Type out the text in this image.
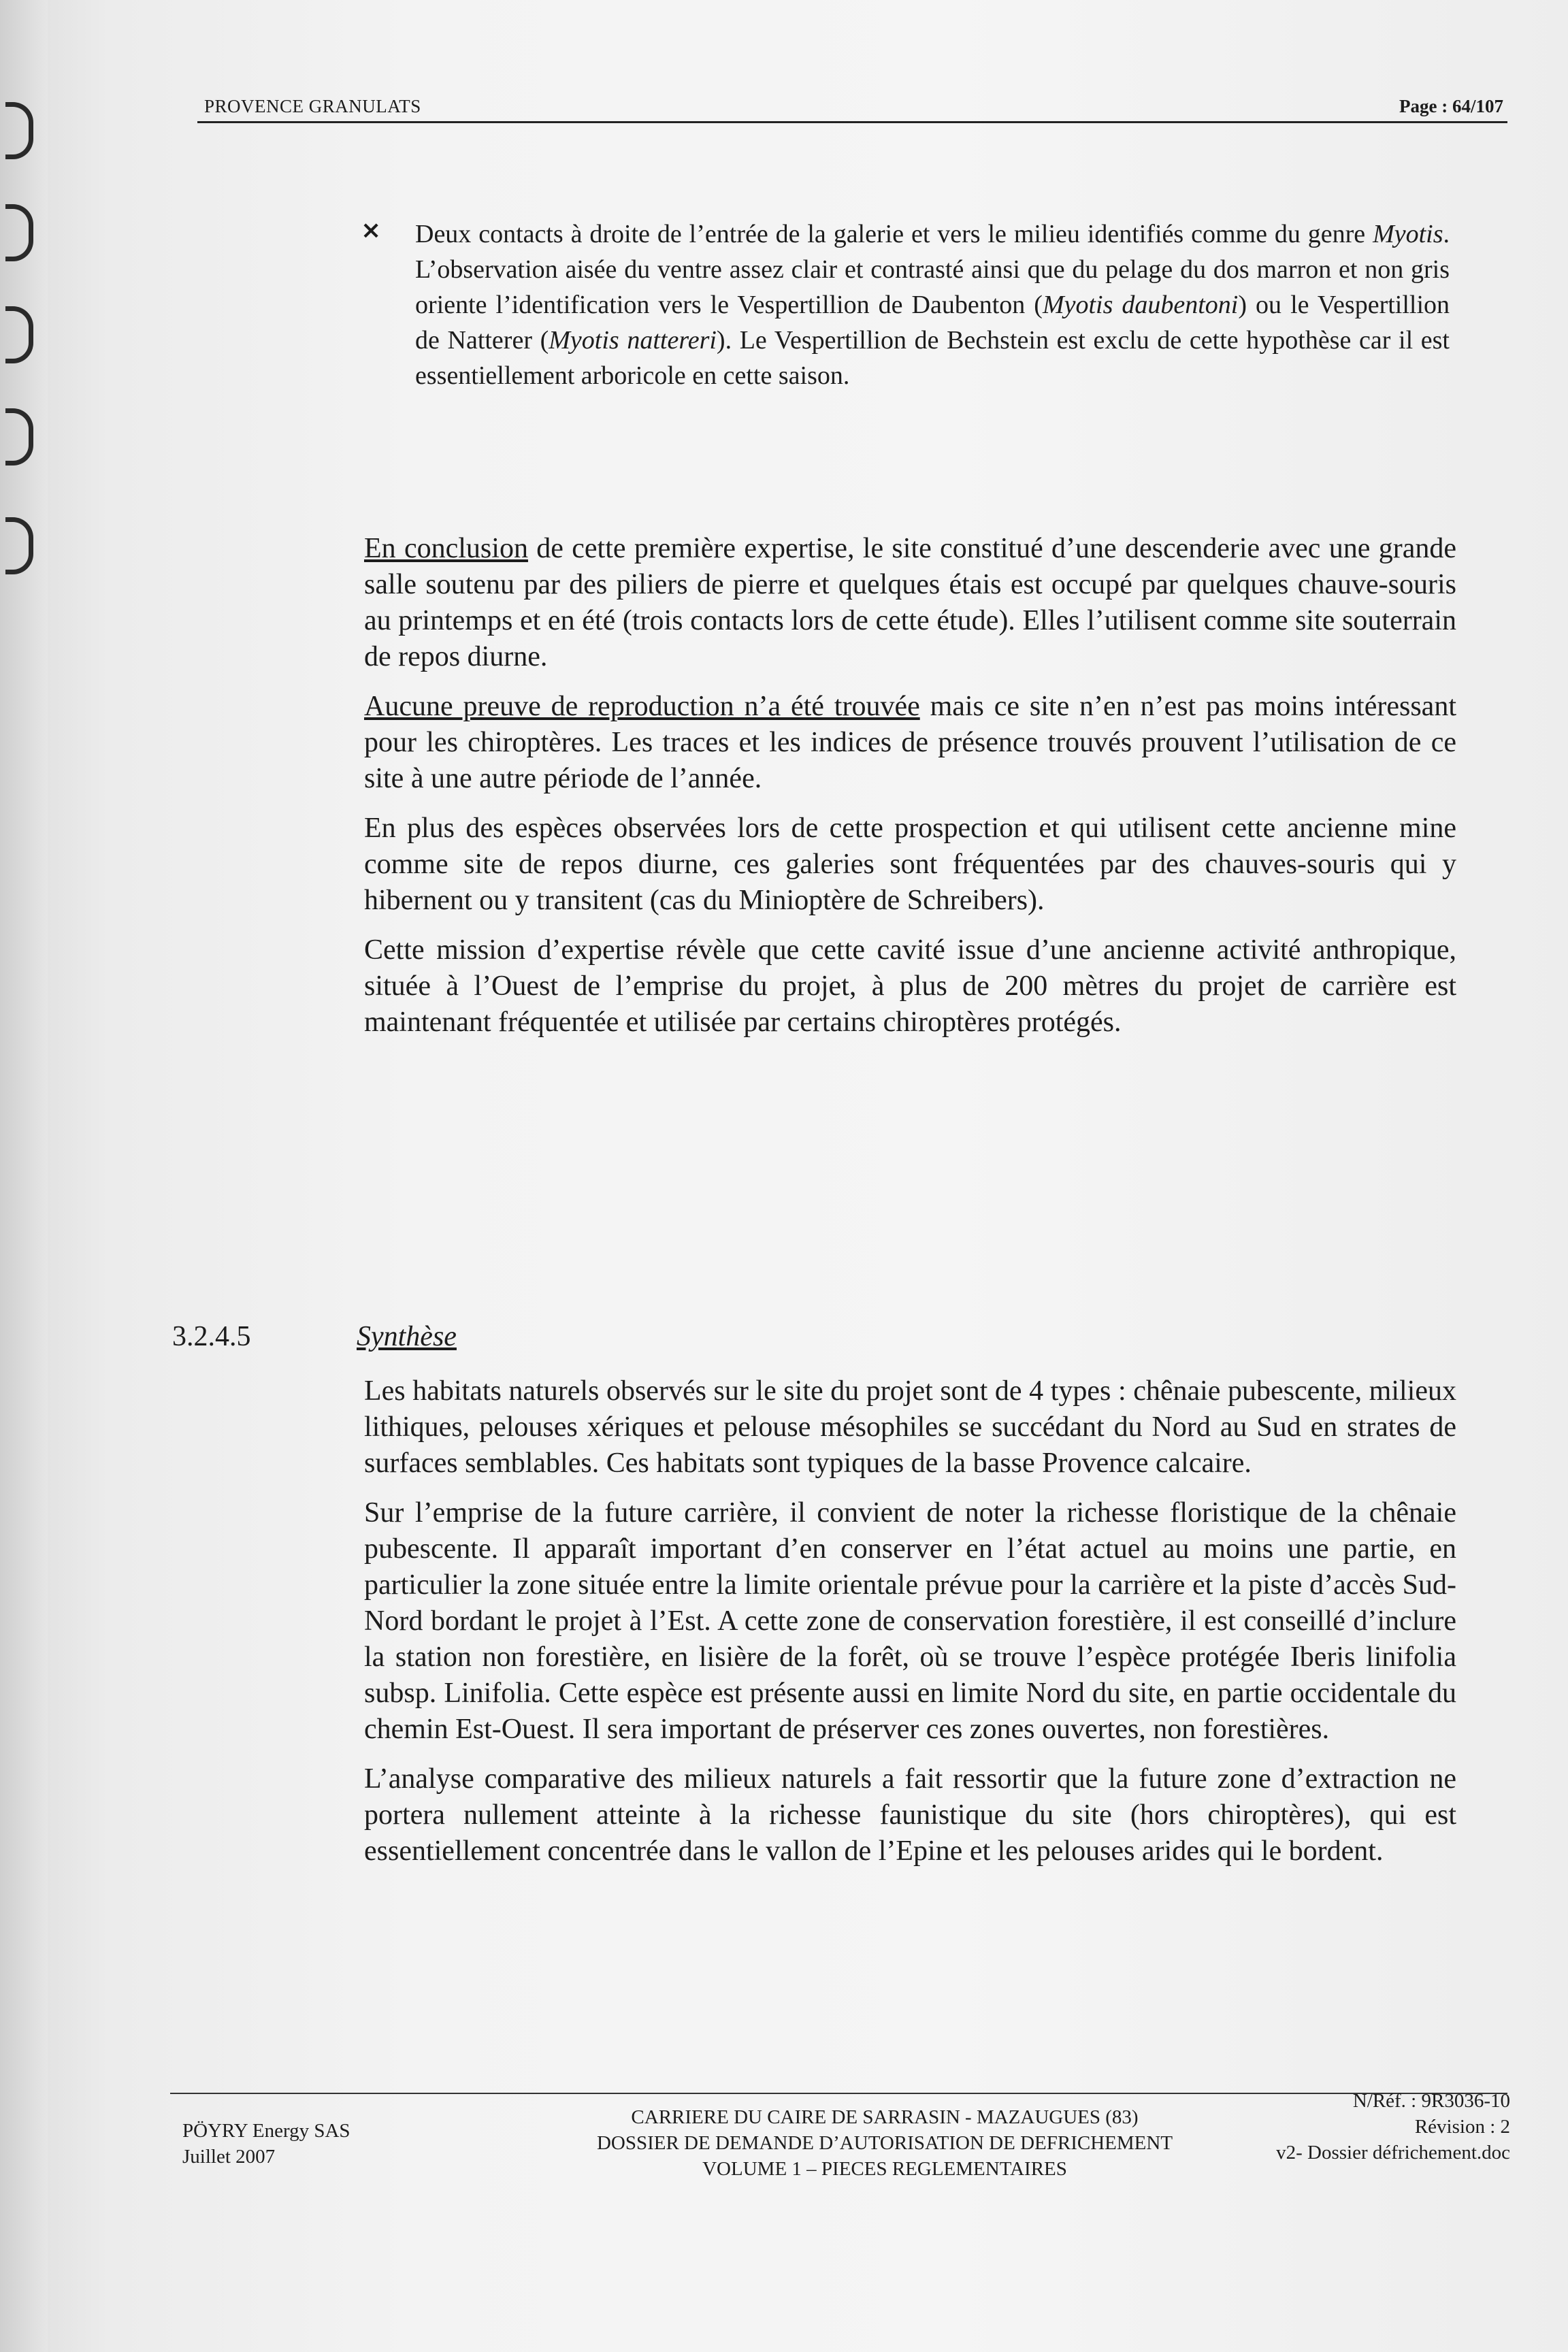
PROVENCE GRANULATS	Page : 64/107
× Deux contacts à droite de l’entrée de la galerie et vers le milieu identifiés comme du genre Myotis. L’observation aisée du ventre assez clair et contrasté ainsi que du pelage du dos marron et non gris oriente l’identification vers le Vespertillion de Daubenton (Myotis daubentoni) ou le Vespertillion de Natterer (Myotis nattereri). Le Vespertillion de Bechstein est exclu de cette hypothèse car il est essentiellement arboricole en cette saison.

En conclusion de cette première expertise, le site constitué d’une descenderie avec une grande salle soutenu par des piliers de pierre et quelques étais est occupé par quelques chauve-souris au printemps et en été (trois contacts lors de cette étude). Elles l’utilisent comme site souterrain de repos diurne.

Aucune preuve de reproduction n’a été trouvée mais ce site n’en n’est pas moins intéressant pour les chiroptères. Les traces et les indices de présence trouvés prouvent l’utilisation de ce site à une autre période de l’année.

En plus des espèces observées lors de cette prospection et qui utilisent cette ancienne mine comme site de repos diurne, ces galeries sont fréquentées par des chauves-souris qui y hibernent ou y transitent (cas du Minioptère de Schreibers).

Cette mission d’expertise révèle que cette cavité issue d’une ancienne activité anthropique, située à l’Ouest de l’emprise du projet, à plus de 200 mètres du projet de carrière est maintenant fréquentée et utilisée par certains chiroptères protégés.

3.2.4.5	Synthèse

Les habitats naturels observés sur le site du projet sont de 4 types : chênaie pubescente, milieux lithiques, pelouses xériques et pelouse mésophiles se succédant du Nord au Sud en strates de surfaces semblables. Ces habitats sont typiques de la basse Provence calcaire.

Sur l’emprise de la future carrière, il convient de noter la richesse floristique de la chênaie pubescente. Il apparaît important d’en conserver en l’état actuel au moins une partie, en particulier la zone située entre la limite orientale prévue pour la carrière et la piste d’accès Sud-Nord bordant le projet à l’Est. A cette zone de conservation forestière, il est conseillé d’inclure la station non forestière, en lisière de la forêt, où se trouve l’espèce protégée Iberis linifolia subsp. Linifolia. Cette espèce est présente aussi en limite Nord du site, en partie occidentale du chemin Est-Ouest. Il sera important de préserver ces zones ouvertes, non forestières.

L’analyse comparative des milieux naturels a fait ressortir que la future zone d’extraction ne portera nullement atteinte à la richesse faunistique du site (hors chiroptères), qui est essentiellement concentrée dans le vallon de l’Epine et les pelouses arides qui le bordent.

PÖYRY Energy SAS
Juillet 2007
CARRIERE DU CAIRE DE SARRASIN - MAZAUGUES (83)
DOSSIER DE DEMANDE D’AUTORISATION DE DEFRICHEMENT
VOLUME 1 – PIECES REGLEMENTAIRES
N/Réf. : 9R3036-10
Révision : 2
v2- Dossier défrichement.doc
